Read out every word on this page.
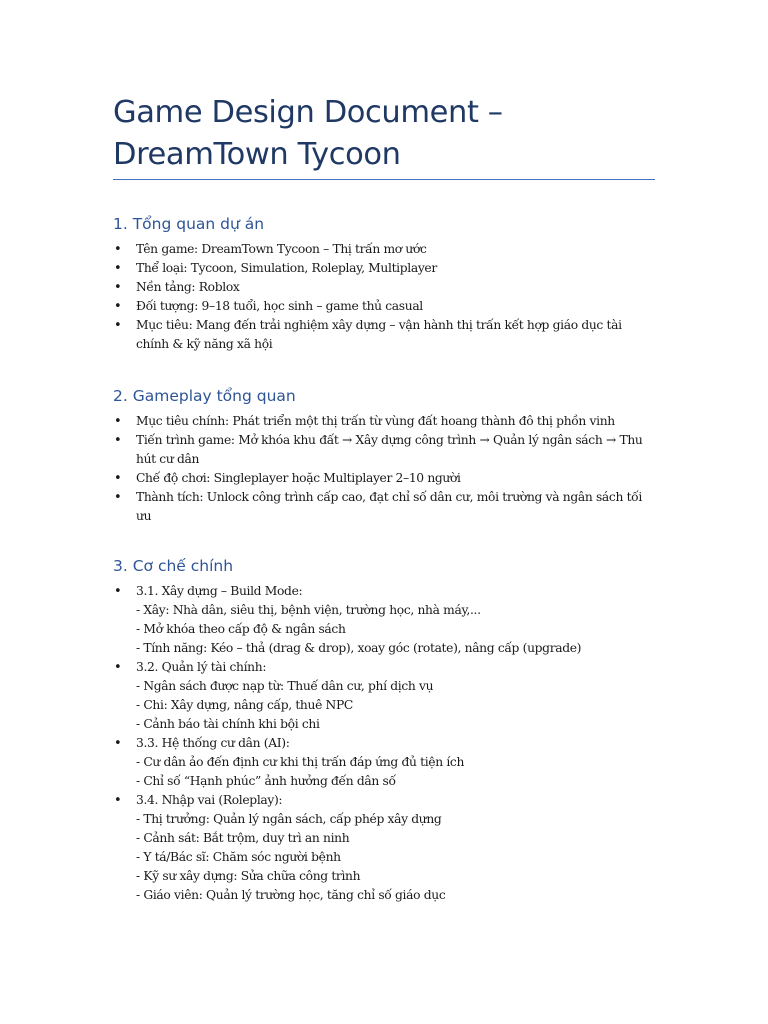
Game Design Document – DreamTown Tycoon
1. Tổng quan dự án
• Tên game: DreamTown Tycoon – Thị trấn mơ ước
• Thể loại: Tycoon, Simulation, Roleplay, Multiplayer
• Nền tảng: Roblox
• Đối tượng: 9–18 tuổi, học sinh – game thủ casual
• Mục tiêu: Mang đến trải nghiệm xây dựng – vận hành thị trấn kết hợp giáo dục tài chính & kỹ năng xã hội
2. Gameplay tổng quan
• Mục tiêu chính: Phát triển một thị trấn từ vùng đất hoang thành đô thị phồn vinh
• Tiến trình game: Mở khóa khu đất → Xây dựng công trình → Quản lý ngân sách → Thu hút cư dân
• Chế độ chơi: Singleplayer hoặc Multiplayer 2–10 người
• Thành tích: Unlock công trình cấp cao, đạt chỉ số dân cư, môi trường và ngân sách tối ưu
3. Cơ chế chính
• 3.1. Xây dựng – Build Mode:
- Xây: Nhà dân, siêu thị, bệnh viện, trường học, nhà máy,...
- Mở khóa theo cấp độ & ngân sách
- Tính năng: Kéo – thả (drag & drop), xoay góc (rotate), nâng cấp (upgrade)
• 3.2. Quản lý tài chính:
- Ngân sách được nạp từ: Thuế dân cư, phí dịch vụ
- Chi: Xây dựng, nâng cấp, thuê NPC
- Cảnh báo tài chính khi bội chi
• 3.3. Hệ thống cư dân (AI):
- Cư dân ảo đến định cư khi thị trấn đáp ứng đủ tiện ích
- Chỉ số “Hạnh phúc” ảnh hưởng đến dân số
• 3.4. Nhập vai (Roleplay):
- Thị trưởng: Quản lý ngân sách, cấp phép xây dựng
- Cảnh sát: Bắt trộm, duy trì an ninh
- Y tá/Bác sĩ: Chăm sóc người bệnh
- Kỹ sư xây dựng: Sửa chữa công trình
- Giáo viên: Quản lý trường học, tăng chỉ số giáo dục
